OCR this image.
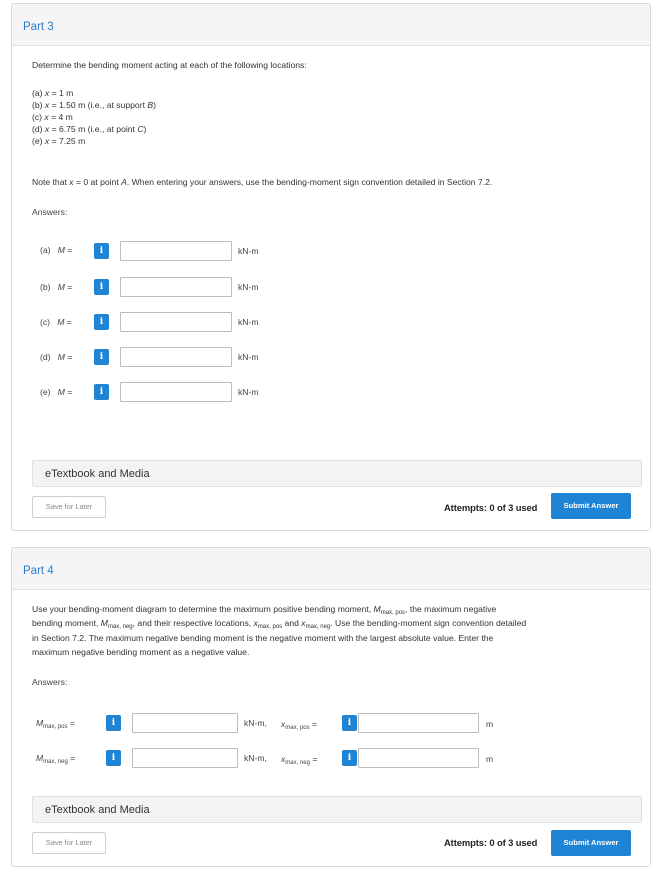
Part 3
Determine the bending moment acting at each of the following locations:
(a) x = 1 m
(b) x = 1.50 m (i.e., at support B)
(c) x = 4 m
(d) x = 6.75 m (i.e., at point C)
(e) x = 7.25 m
Note that x = 0 at point A. When entering your answers, use the bending-moment sign convention detailed in Section 7.2.
Answers:
(a) M =	i	kN-m
(b) M =	i	kN-m
(c) M =	i	kN-m
(d) M =	i	kN-m
(e) M =	i	kN-m
eTextbook and Media
Save for Later	Attempts: 0 of 3 used	Submit Answer
Part 4
Use your bending-moment diagram to determine the maximum positive bending moment, $M_{max, pos}$, the maximum negative
bending moment, $M_{max, neg}$, and their respective locations, $x_{max, pos}$ and $x_{max, neg}$. Use the bending-moment sign convention detailed
in Section 7.2. The maximum negative bending moment is the negative moment with the largest absolute value. Enter the
maximum negative bending moment as a negative value.
Answers:
$M_{max, pos}$ =	i	kN-m, $x_{max, pos}$ =	i	m
$M_{max, neg}$ =	i	kN-m, $x_{max, neg}$ =	i	m
eTextbook and Media
Save for Later	Attempts: 0 of 3 used	Submit Answer
